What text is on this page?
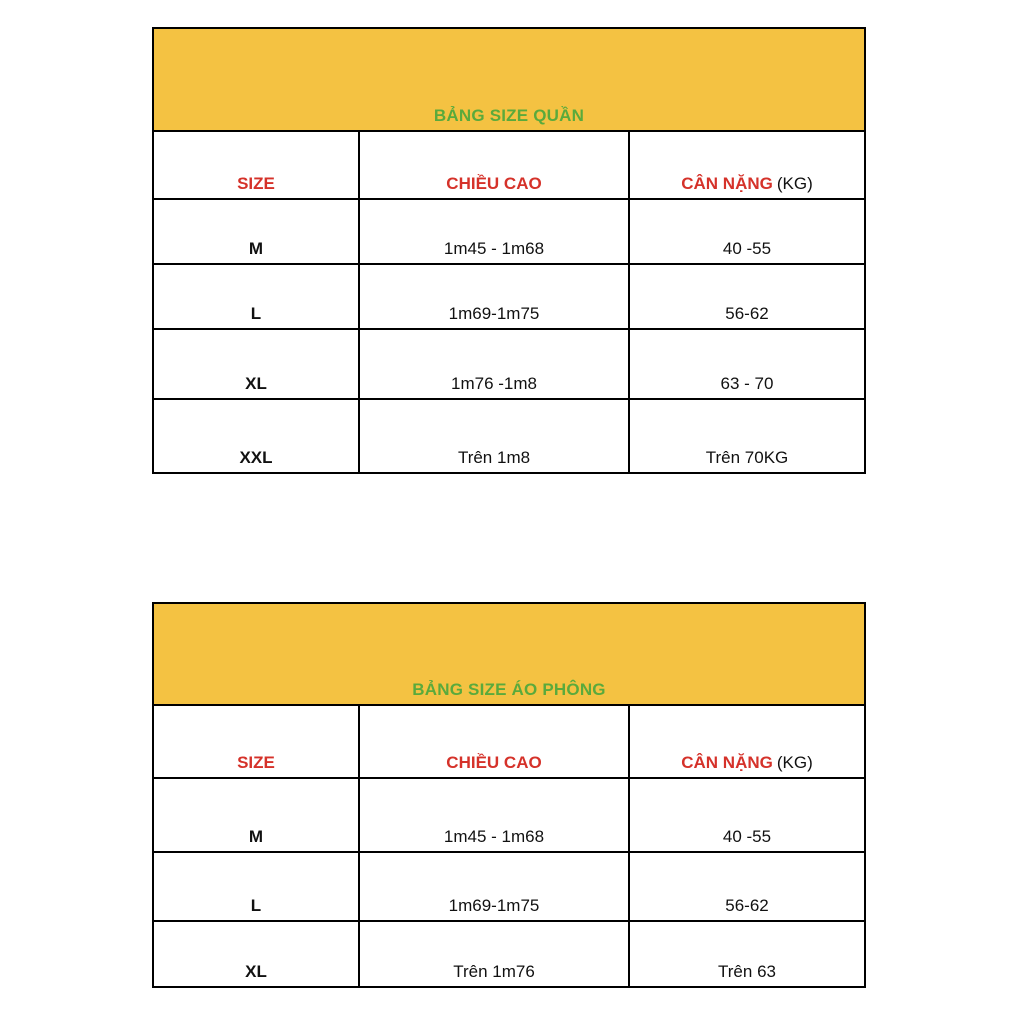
BẢNG SIZE QUẦN
SIZE	CHIỀU CAO	CÂN NẶNG (KG)
M	1m45 - 1m68	40 -55
L	1m69-1m75	56-62
XL	1m76 -1m8	63 - 70
XXL	Trên 1m8	Trên 70KG
BẢNG SIZE ÁO PHÔNG
SIZE	CHIỀU CAO	CÂN NẶNG (KG)
M	1m45 - 1m68	40 -55
L	1m69-1m75	56-62
XL	Trên 1m76	Trên 63
